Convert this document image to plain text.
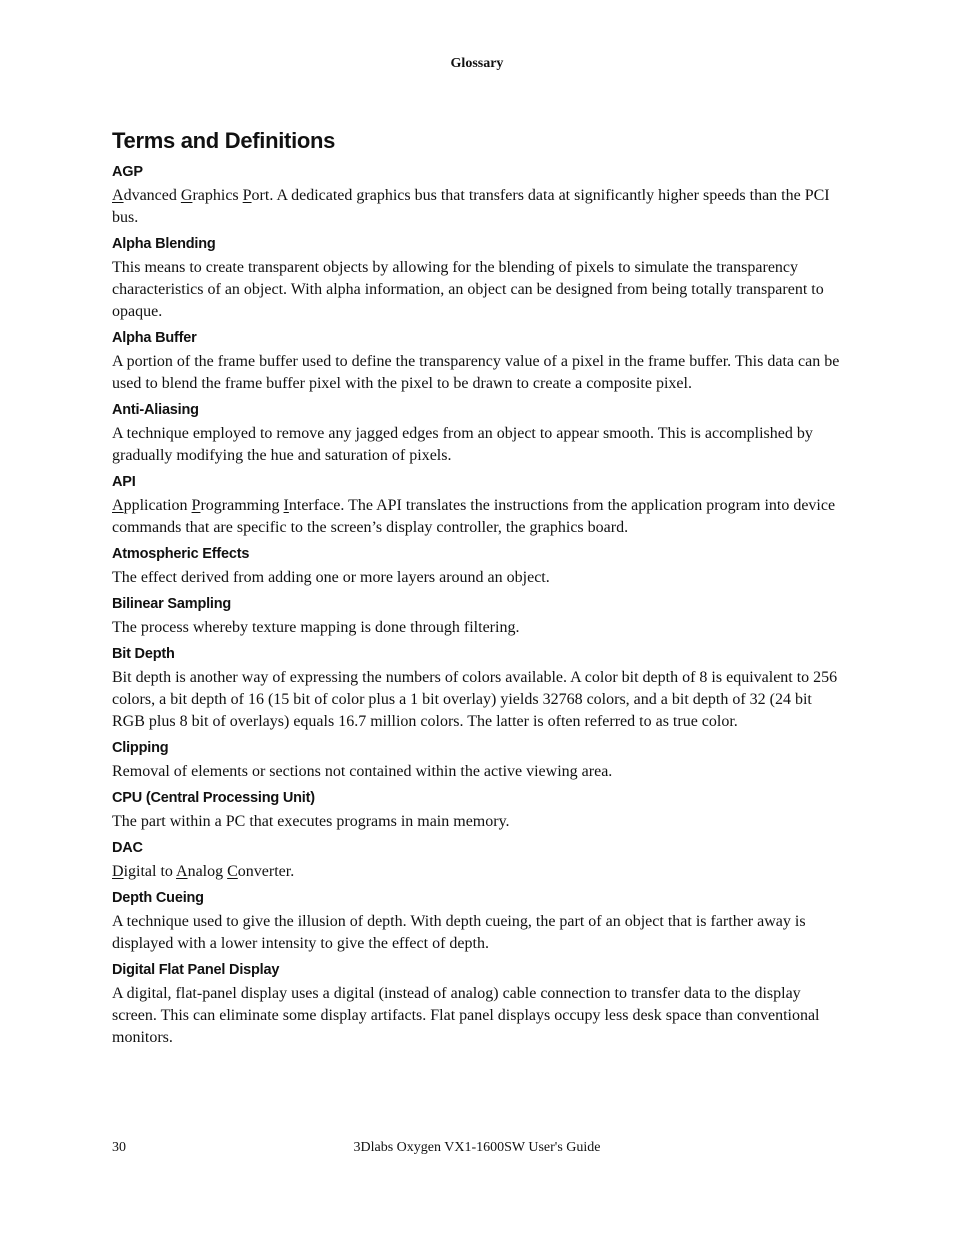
Glossary
Terms and Definitions
AGP

Advanced Graphics Port. A dedicated graphics bus that transfers data at significantly higher speeds than the PCI bus.

Alpha Blending

This means to create transparent objects by allowing for the blending of pixels to simulate the transparency characteristics of an object. With alpha information, an object can be designed from being totally transparent to opaque.

Alpha Buffer

A portion of the frame buffer used to define the transparency value of a pixel in the frame buffer. This data can be used to blend the frame buffer pixel with the pixel to be drawn to create a composite pixel.

Anti-Aliasing

A technique employed to remove any jagged edges from an object to appear smooth. This is accomplished by gradually modifying the hue and saturation of pixels.

API

Application Programming Interface. The API translates the instructions from the application program into device commands that are specific to the screen’s display controller, the graphics board.

Atmospheric Effects

The effect derived from adding one or more layers around an object.

Bilinear Sampling

The process whereby texture mapping is done through filtering.

Bit Depth

Bit depth is another way of expressing the numbers of colors available. A color bit depth of 8 is equivalent to 256 colors, a bit depth of 16 (15 bit of color plus a 1 bit overlay) yields 32768 colors, and a bit depth of 32 (24 bit RGB plus 8 bit of overlays) equals 16.7 million colors. The latter is often referred to as true color.

Clipping

Removal of elements or sections not contained within the active viewing area.

CPU (Central Processing Unit)

The part within a PC that executes programs in main memory.

DAC

Digital to Analog Converter.

Depth Cueing

A technique used to give the illusion of depth. With depth cueing, the part of an object that is farther away is displayed with a lower intensity to give the effect of depth.

Digital Flat Panel Display

A digital, flat-panel display uses a digital (instead of analog) cable connection to transfer data to the display screen. This can eliminate some display artifacts. Flat panel displays occupy less desk space than conventional monitors.

30	3Dlabs Oxygen VX1-1600SW User's Guide
